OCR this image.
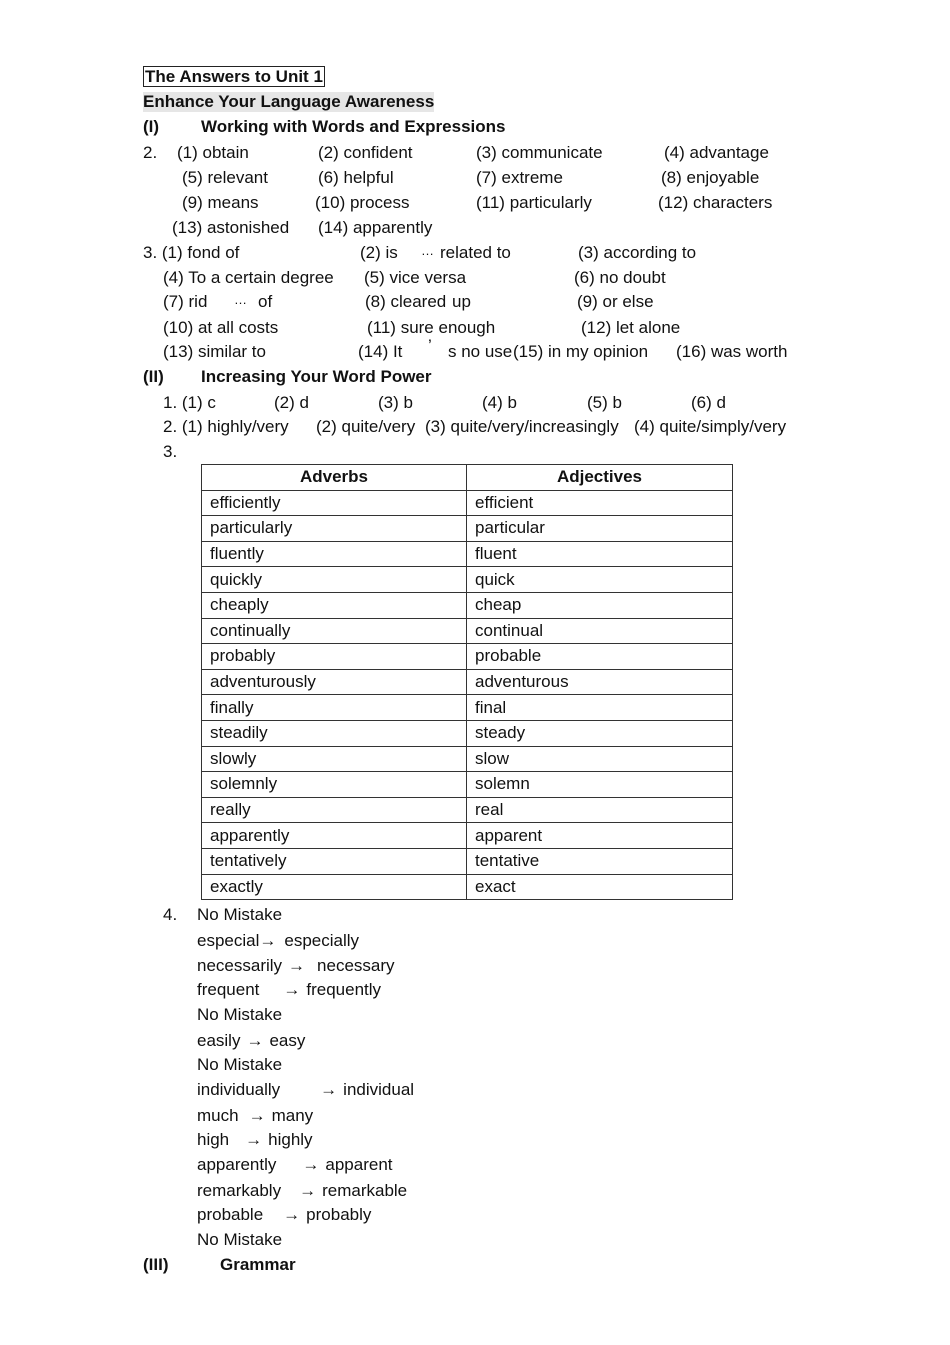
The Answers to Unit 1
Enhance Your Language Awareness
(I) Working with Words and Expressions
2. (1) obtain	(2) confident	(3) communicate	(4) advantage
(5) relevant	(6) helpful	(7) extreme	(8) enjoyable
(9) means	(10) process	(11) particularly	(12) characters
(13) astonished (14) apparently
3. (1) fond of	(2) is … related to	(3) according to
(4) To a certain degree (5) vice versa	(6) no doubt
(7) rid … of	(8) cleared up	(9) or else
(10) at all costs	(11) sure enough	(12) let alone
(13) similar to	(14) It ’ s no use (15) in my opinion (16) was worth
(II) Increasing Your Word Power
1. (1) c	(2) d	(3) b	(4) b	(5) b	(6) d
2. (1) highly/very (2) quite/very (3) quite/very/increasingly (4) quite/simply/very
3.
Adverbs	Adjectives
efficiently	efficient
particularly	particular
fluently	fluent
quickly	quick
cheaply	cheap
continually	continual
probably	probable
adventurously	adventurous
finally	final
steadily	steady
slowly	slow
solemnly	solemn
really	real
apparently	apparent
tentatively	tentative
exactly	exact
4. No Mistake
especial→ especially
necessarily → necessary
frequent → frequently
No Mistake
easily → easy
No Mistake
individually → individual
much → many
high → highly
apparently → apparent
remarkably → remarkable
probable → probably
No Mistake
(III)	Grammar
